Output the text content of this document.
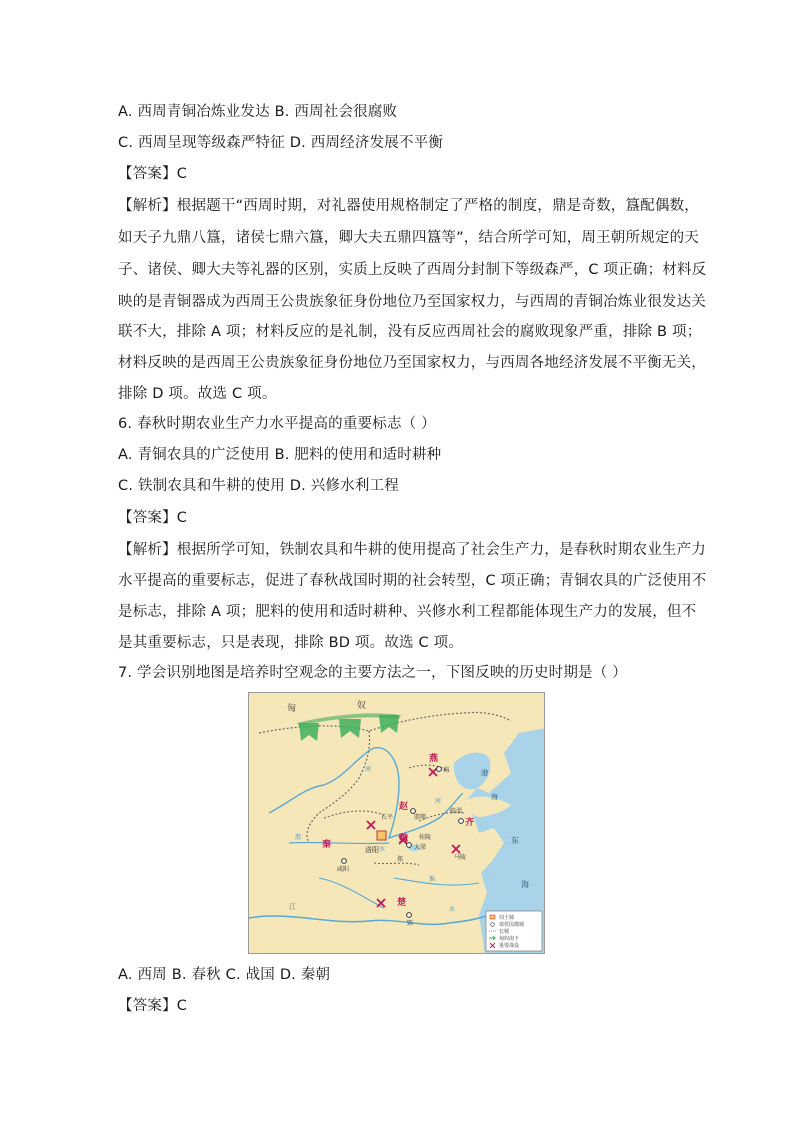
A. 西周青铜冶炼业发达 B. 西周社会很腐败
C. 西周呈现等级森严特征 D. 西周经济发展不平衡
【答案】C
【解析】根据题干“西周时期，对礼器使用规格制定了严格的制度，鼎是奇数，簋配偶数，
如天子九鼎八簋，诸侯七鼎六簋，卿大夫五鼎四簋等”，结合所学可知，周王朝所规定的天
子、诸侯、卿大夫等礼器的区别，实质上反映了西周分封制下等级森严，C 项正确；材料反
映的是青铜器成为西周王公贵族象征身份地位乃至国家权力，与西周的青铜冶炼业很发达关
联不大，排除 A 项；材料反应的是礼制，没有反应西周社会的腐败现象严重，排除 B 项；
材料反映的是西周王公贵族象征身份地位乃至国家权力，与西周各地经济发展不平衡无关，
排除 D 项。故选 C 项。
6. 春秋时期农业生产力水平提高的重要标志（ ）
A. 青铜农具的广泛使用 B. 肥料的使用和适时耕种
C. 铁制农具和牛耕的使用 D. 兴修水利工程
【答案】C
【解析】根据所学可知，铁制农具和牛耕的使用提高了社会生产力，是春秋时期农业生产力
水平提高的重要标志，促进了春秋战国时期的社会转型，C 项正确；青铜农具的广泛使用不
是标志，排除 A 项；肥料的使用和适时耕种、兴修水利工程都能体现生产力的发展，但不
是其重要标志，只是表现，排除 BD 项。故选 C 项。
7. 学会识别地图是培养时空观念的主要方法之一，下图反映的历史时期是（ ）
匈	奴
燕
蓟	渤
海
赵
邯郸
长平
临淄
齐
魏 桂陵
大梁
郑	马陵
秦
咸阳
洛阳
楚
郢
东
海
河
河
渭
水
江
淮
水
周王城
诸侯国都城
长城
匈奴南下
重要战役
A. 西周 B. 春秋 C. 战国 D. 秦朝
【答案】C
